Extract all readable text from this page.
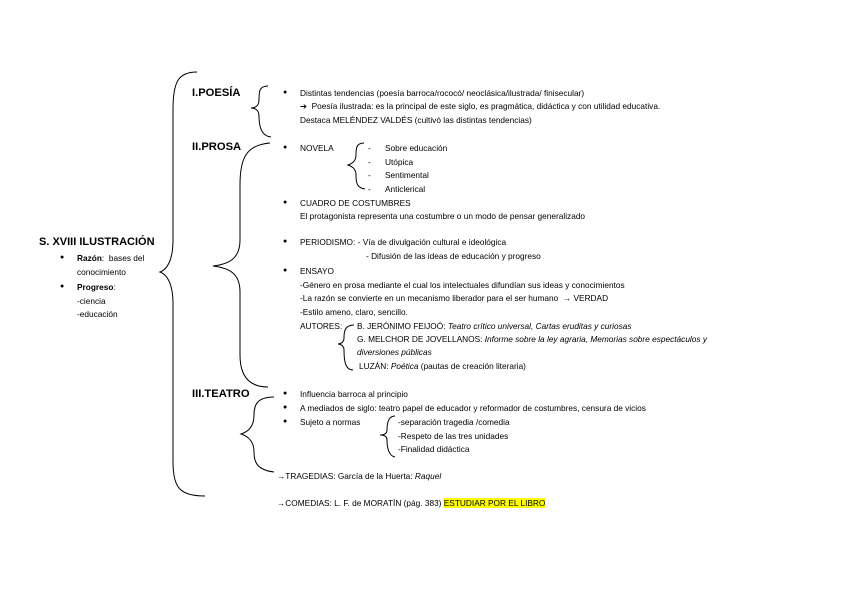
S. XVIII ILUSTRACIÓN
● Razón:  bases del
conocimiento
● Progreso:
-ciencia
-educación
I.POESÍA	● Distintas tendencias (poesía barroca/rococó/ neoclásica/ilustrada/ finisecular)
➔ Poesía ilustrada: es la principal de este siglo, es pragmática, didáctica y con utilidad educativa.
Destaca MELÉNDEZ VALDÉS (cultivó las distintas tendencias)
II.PROSA	● NOVELA	- Sobre educación
- Utópica
- Sentimental
- Anticlerical
● CUADRO DE COSTUMBRES
El protagonista representa una costumbre o un modo de pensar generalizado
● PERIODISMO: - Vía de divulgación cultural e ideológica
- Difusión de las ideas de educación y progreso
● ENSAYO
-Género en prosa mediante el cual los intelectuales difundían sus ideas y conocimientos
-La razón se convierte en un mecanismo liberador para el ser humano → VERDAD
-Estilo ameno, claro, sencillo.
AUTORES: B. JERÓNIMO FEIJOÓ: Teatro crítico universal, Cartas eruditas y curiosas
G. MELCHOR DE JOVELLANOS: Informe sobre la ley agraria, Memorias sobre espectáculos y
diversiones públicas
LUZÁN: Poética (pautas de creación literaria)
III.TEATRO	● Influencia barroca al principio
● A mediados de siglo: teatro papel de educador y reformador de costumbres, censura de vicios
● Sujeto a normas	-separación tragedia /comedia
-Respeto de las tres unidades
-Finalidad didáctica
→TRAGEDIAS: García de la Huerta: Raquel
→COMEDIAS: L. F. de MORATÍN (pág. 383) ESTUDIAR POR EL LIBRO
